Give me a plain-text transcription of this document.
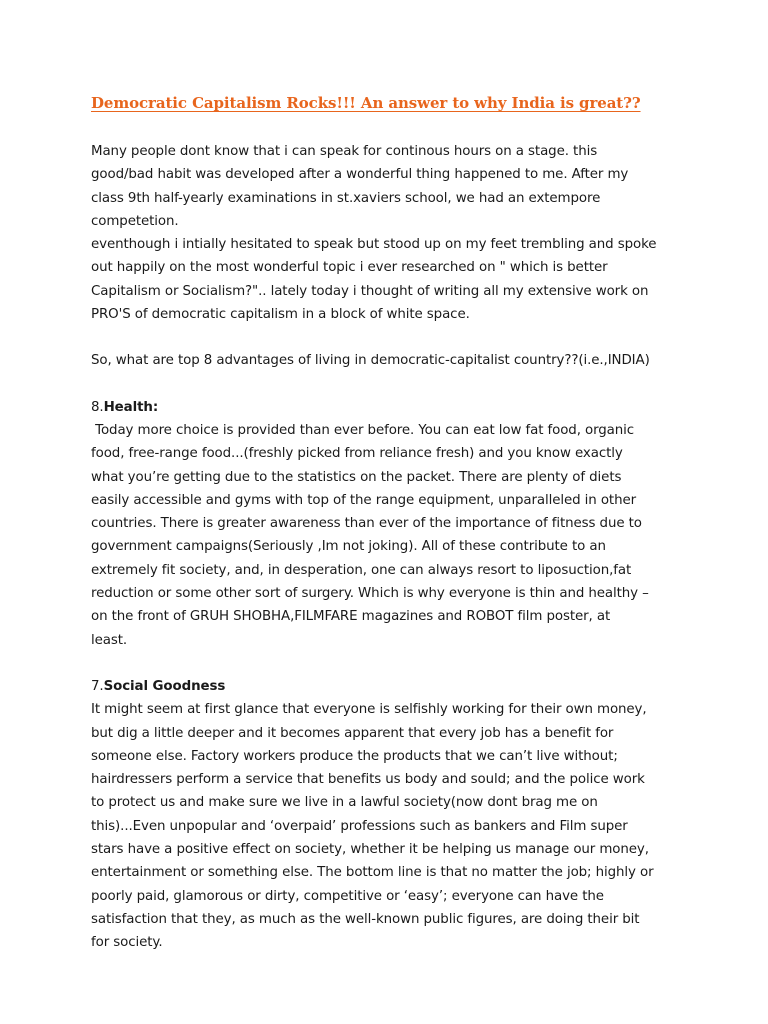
Democratic Capitalism Rocks!!! An answer to why India is great??
Many people dont know that i can speak for continous hours on a stage. this
good/bad habit was developed after a wonderful thing happened to me. After my
class 9th half-yearly examinations in st.xaviers school, we had an extempore
competetion.
eventhough i intially hesitated to speak but stood up on my feet trembling and spoke
out happily on the most wonderful topic i ever researched on " which is better
Capitalism or Socialism?".. lately today i thought of writing all my extensive work on
PRO'S of democratic capitalism in a block of white space.
So, what are top 8 advantages of living in democratic-capitalist country??(i.e.,INDIA)
8.Health:
Today more choice is provided than ever before. You can eat low fat food, organic
food, free-range food...(freshly picked from reliance fresh) and you know exactly
what you’re getting due to the statistics on the packet. There are plenty of diets
easily accessible and gyms with top of the range equipment, unparalleled in other
countries. There is greater awareness than ever of the importance of fitness due to
government campaigns(Seriously ,Im not joking). All of these contribute to an
extremely fit society, and, in desperation, one can always resort to liposuction,fat
reduction or some other sort of surgery. Which is why everyone is thin and healthy –
on the front of GRUH SHOBHA,FILMFARE magazines and ROBOT film poster, at
least.
7.Social Goodness
It might seem at first glance that everyone is selfishly working for their own money,
but dig a little deeper and it becomes apparent that every job has a benefit for
someone else. Factory workers produce the products that we can’t live without;
hairdressers perform a service that benefits us body and sould; and the police work
to protect us and make sure we live in a lawful society(now dont brag me on
this)...Even unpopular and ‘overpaid’ professions such as bankers and Film super
stars have a positive effect on society, whether it be helping us manage our money,
entertainment or something else. The bottom line is that no matter the job; highly or
poorly paid, glamorous or dirty, competitive or ‘easy’; everyone can have the
satisfaction that they, as much as the well-known public figures, are doing their bit
for society.
